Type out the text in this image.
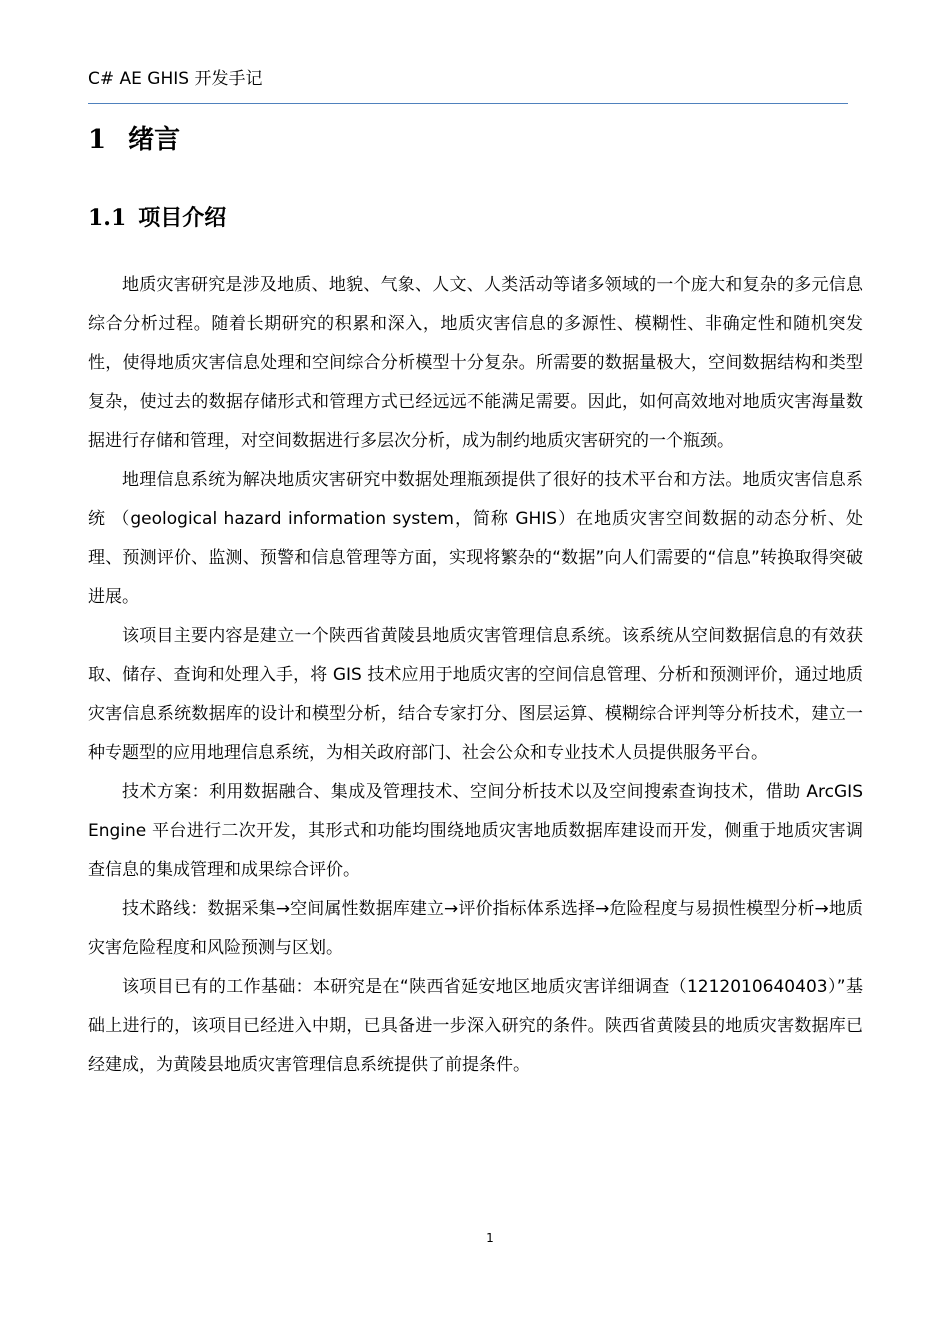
C# AE GHIS 开发手记
1 绪言
1.1 项目介绍

地质灾害研究是涉及地质、地貌、气象、人文、人类活动等诸多领域的一个庞大和复杂的多元信息综合分析过程。随着长期研究的积累和深入，地质灾害信息的多源性、模糊性、非确定性和随机突发性，使得地质灾害信息处理和空间综合分析模型十分复杂。所需要的数据量极大，空间数据结构和类型复杂，使过去的数据存储形式和管理方式已经远远不能满足需要。因此，如何高效地对地质灾害海量数据进行存储和管理，对空间数据进行多层次分析，成为制约地质灾害研究的一个瓶颈。

地理信息系统为解决地质灾害研究中数据处理瓶颈提供了很好的技术平台和方法。地质灾害信息系统 （geological hazard information system，简称 GHIS）在地质灾害空间数据的动态分析、处理、预测评价、监测、预警和信息管理等方面，实现将繁杂的“数据”向人们需要的“信息”转换取得突破进展。

该项目主要内容是建立一个陕西省黄陵县地质灾害管理信息系统。该系统从空间数据信息的有效获取、储存、查询和处理入手，将 GIS 技术应用于地质灾害的空间信息管理、分析和预测评价，通过地质灾害信息系统数据库的设计和模型分析，结合专家打分、图层运算、模糊综合评判等分析技术，建立一种专题型的应用地理信息系统，为相关政府部门、社会公众和专业技术人员提供服务平台。

技术方案：利用数据融合、集成及管理技术、空间分析技术以及空间搜索查询技术，借助 ArcGIS Engine 平台进行二次开发，其形式和功能均围绕地质灾害地质数据库建设而开发，侧重于地质灾害调查信息的集成管理和成果综合评价。

技术路线：数据采集→空间属性数据库建立→评价指标体系选择→危险程度与易损性模型分析→地质灾害危险程度和风险预测与区划。

该项目已有的工作基础：本研究是在“陕西省延安地区地质灾害详细调查（1212010640403）”基础上进行的，该项目已经进入中期，已具备进一步深入研究的条件。陕西省黄陵县的地质灾害数据库已经建成，为黄陵县地质灾害管理信息系统提供了前提条件。

1
